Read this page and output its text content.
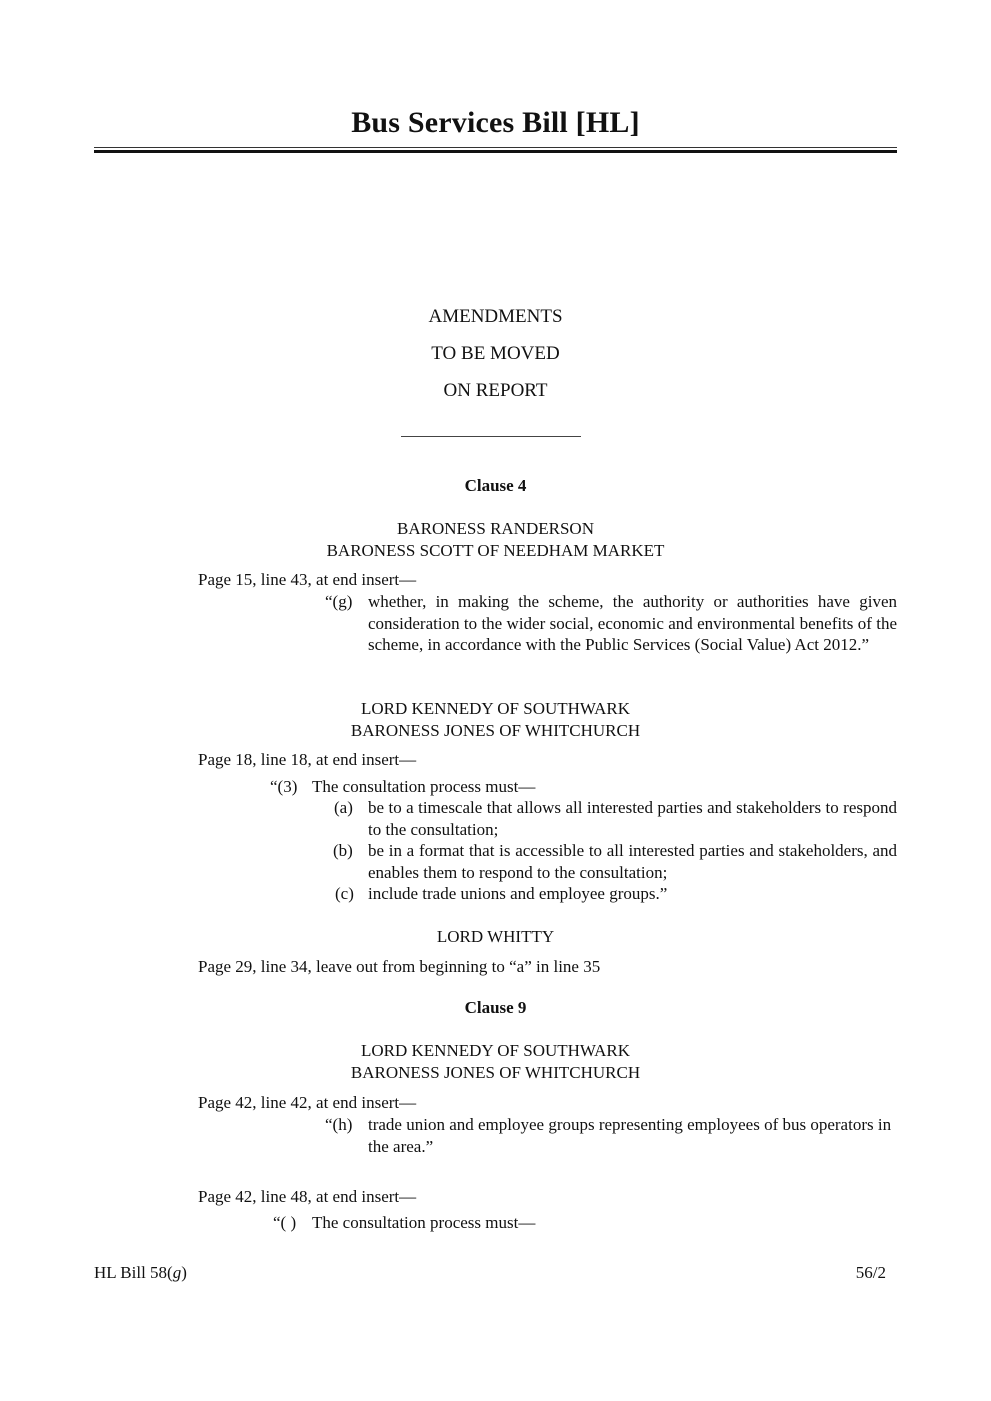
Bus Services Bill [HL]
AMENDMENTS
TO BE MOVED
ON REPORT
Clause 4
BARONESS RANDERSON
BARONESS SCOTT OF NEEDHAM MARKET
Page 15, line 43, at end insert—
“(g) whether, in making the scheme, the authority or authorities have given consideration to the wider social, economic and environmental benefits of the scheme, in accordance with the Public Services (Social Value) Act 2012.”
LORD KENNEDY OF SOUTHWARK
BARONESS JONES OF WHITCHURCH
Page 18, line 18, at end insert—
“(3) The consultation process must—
(a) be to a timescale that allows all interested parties and stakeholders to respond to the consultation;
(b) be in a format that is accessible to all interested parties and stakeholders, and enables them to respond to the consultation;
(c) include trade unions and employee groups.”
LORD WHITTY
Page 29, line 34, leave out from beginning to “a” in line 35
Clause 9
LORD KENNEDY OF SOUTHWARK
BARONESS JONES OF WHITCHURCH
Page 42, line 42, at end insert—
“(h) trade union and employee groups representing employees of bus operators in the area.”
Page 42, line 48, at end insert—
“( ) The consultation process must—
HL Bill 58(g)	56/2
